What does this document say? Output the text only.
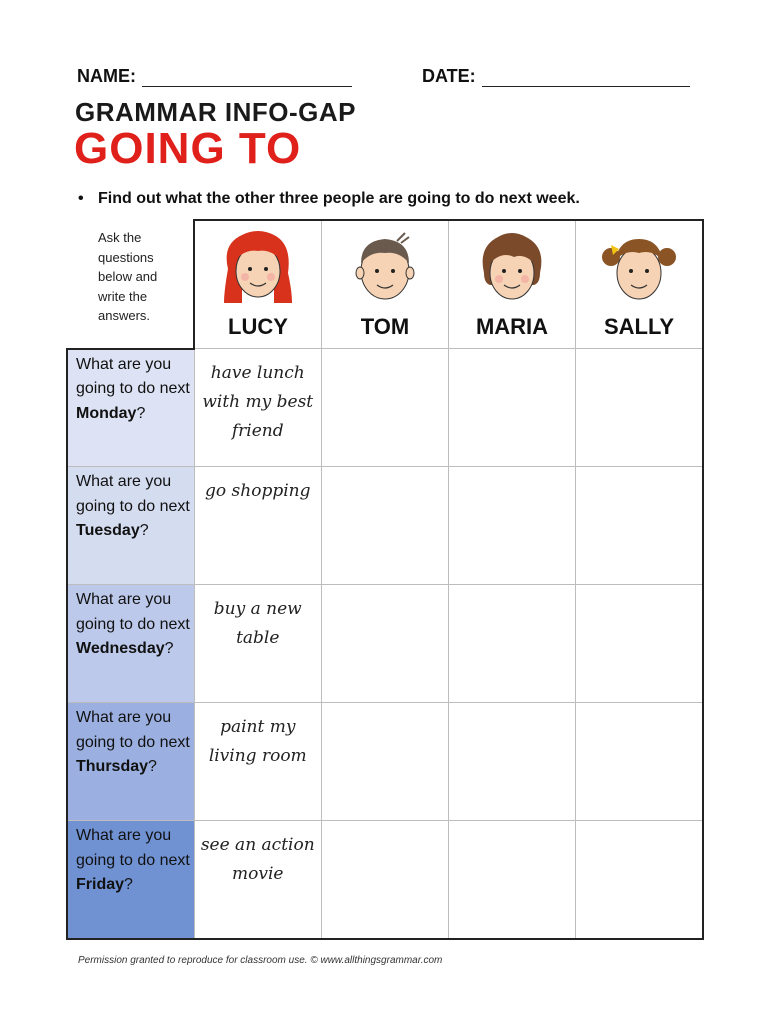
NAME:	DATE:
GRAMMAR INFO-GAP
GOING TO
• Find out what the other three people are going to do next week.

	LUCY	TOM	MARIA	SALLY

What are you going to do next Monday?	have lunch with my best friend			
What are you going to do next Tuesday?	go shopping			
What are you going to do next Wednesday?	buy a new table			
What are you going to do next Thursday?	paint my living room			
What are you going to do next Friday?	see an action movie			
Ask the questions below and write the answers.
Permission granted to reproduce for classroom use. © www.allthingsgrammar.com
